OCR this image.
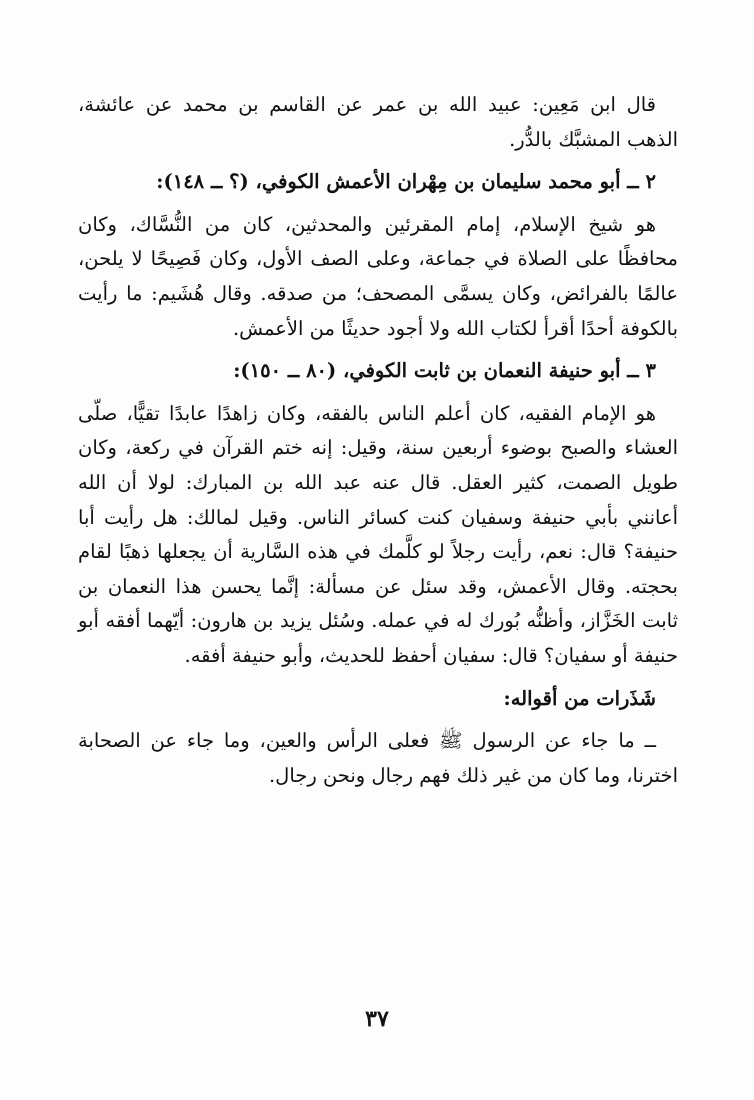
قال ابن مَعِين: عبيد الله بن عمر عن القاسم بن محمد عن عائشة، الذهب المشبَّك بالدُّر.

٢ ــ أبو محمد سليمان بن مِهْران الأعمش الكوفي، (؟ ــ ١٤٨):

هو شيخ الإسلام، إمام المقرئين والمحدثين، كان من النُّسَّاك، وكان محافظًا على الصلاة في جماعة، وعلى الصف الأول، وكان فَصِيحًا لا يلحن، عالمًا بالفرائض، وكان يسمَّى المصحف؛ من صدقه. وقال هُشَيم: ما رأيت بالكوفة أحدًا أقرأ لكتاب الله ولا أجود حديثًا من الأعمش.

٣ ــ أبو حنيفة النعمان بن ثابت الكوفي، (٨٠ ــ ١٥٠):

هو الإمام الفقيه، كان أعلم الناس بالفقه، وكان زاهدًا عابدًا تقيًّا، صلّى العشاء والصبح بوضوء أربعين سنة، وقيل: إنه ختم القرآن في ركعة، وكان طويل الصمت، كثير العقل. قال عنه عبد الله بن المبارك: لولا أن الله أعانني بأبي حنيفة وسفيان كنت كسائر الناس. وقيل لمالك: هل رأيت أبا حنيفة؟ قال: نعم، رأيت رجلاً لو كلَّمك في هذه السَّارية أن يجعلها ذهبًا لقام بحجته. وقال الأعمش، وقد سئل عن مسألة: إنَّما يحسن هذا النعمان بن ثابت الخَزَّاز، وأظنُّه بُورك له في عمله. وسُئل يزيد بن هارون: أيّهما أفقه أبو حنيفة أو سفيان؟ قال: سفيان أحفظ للحديث، وأبو حنيفة أفقه.

شَذَرات من أقواله:

ــ ما جاء عن الرسول ﷺ فعلى الرأس والعين، وما جاء عن الصحابة اخترنا، وما كان من غير ذلك فهم رجال ونحن رجال.

٣٧
